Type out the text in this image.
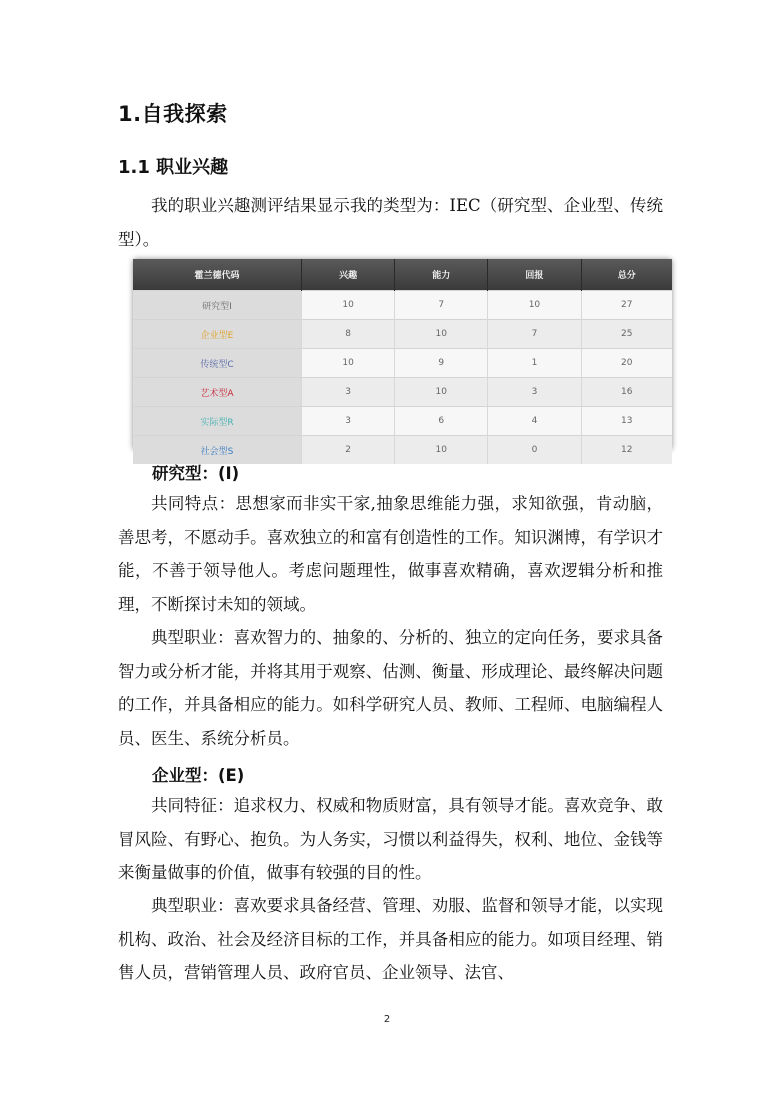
1.自我探索
1.1 职业兴趣

我的职业兴趣测评结果显示我的类型为：IEC（研究型、企业型、传统型）。

霍兰德代码	兴趣	能力	回报	总分
研究型I	10	7	10	27
企业型E	8	10	7	25
传统型C	10	9	1	20
艺术型A	3	10	3	16
实际型R	3	6	4	13
社会型S	2	10	0	12
研究型：(I)

共同特点：思想家而非实干家,抽象思维能力强，求知欲强，肯动脑，善思考，不愿动手。喜欢独立的和富有创造性的工作。知识渊博，有学识才能，不善于领导他人。考虑问题理性，做事喜欢精确，喜欢逻辑分析和推理，不断探讨未知的领域。

典型职业：喜欢智力的、抽象的、分析的、独立的定向任务，要求具备智力或分析才能，并将其用于观察、估测、衡量、形成理论、最终解决问题的工作，并具备相应的能力。如科学研究人员、教师、工程师、电脑编程人员、医生、系统分析员。

企业型：(E)

共同特征：追求权力、权威和物质财富，具有领导才能。喜欢竞争、敢冒风险、有野心、抱负。为人务实，习惯以利益得失，权利、地位、金钱等来衡量做事的价值，做事有较强的目的性。

典型职业：喜欢要求具备经营、管理、劝服、监督和领导才能，以实现机构、政治、社会及经济目标的工作，并具备相应的能力。如项目经理、销售人员，营销管理人员、政府官员、企业领导、法官、

2
